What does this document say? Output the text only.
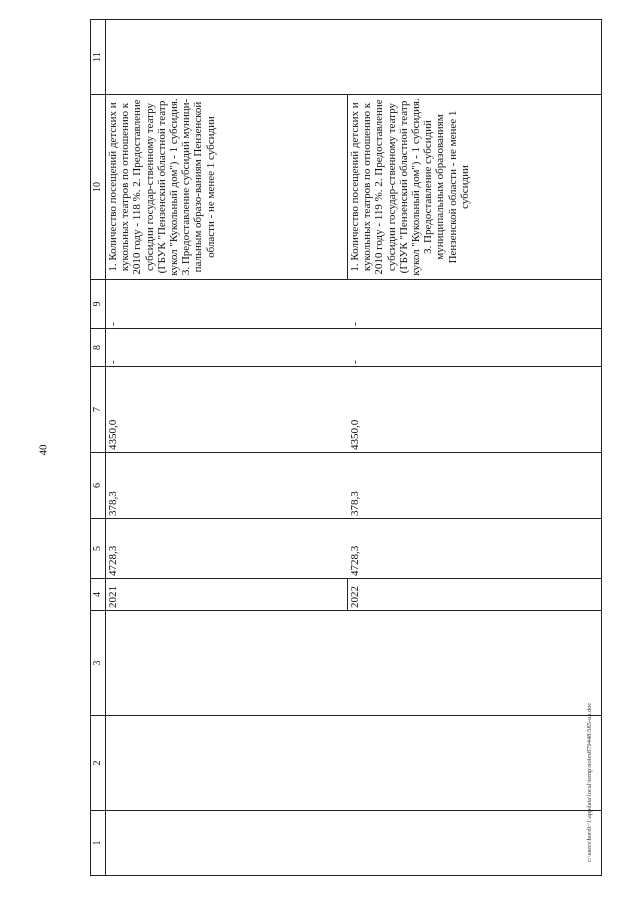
40
1	2	3	4	5	6	7	8	9	10	11
			2021	4728,3	378,3	4350,0	-	-	1. Количество посещений детских и кукольных театров по отношению к 2010 году - 118 %. 2. Предоставление субсидии государ-ственному театру (ГБУК "Пензенский областной театр кукол "Кукольный дом") - 1 субсидия. 3. Предоставление субсидий муници-пальным образо-ваниям Пензенской области - не менее 1 субсидии	
			2022	4728,3	378,3	4350,0	-	-	1. Количество посещений детских и кукольных театров по отношению к 2010 году - 119 %. 2. Предоставление субсидии государ-ственному театру (ГБУК "Пензенский областной театр кукол "Кукольный дом") - 1 субсидия. 3. Предоставление субсидий муниципальным образованиям Пензенской области - не менее 1 субсидии	
c:\users\bordi~1\appdata\local\temp\notes879448\585-ua.doc
